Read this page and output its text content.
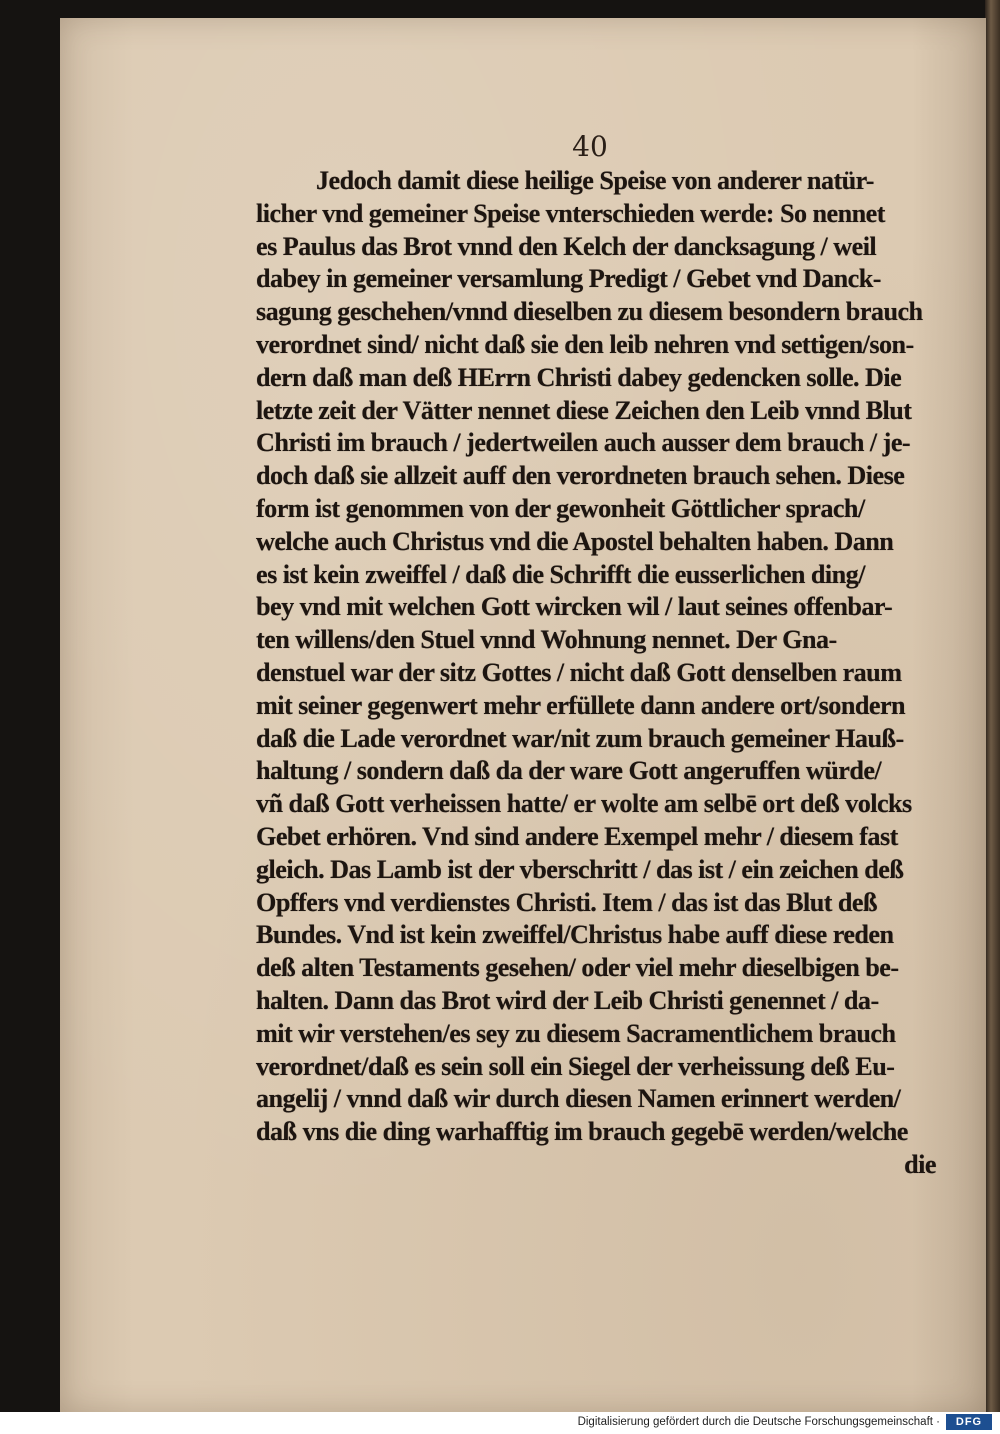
40
Jedoch damit diese heilige Speise von anderer natür-
licher vnd gemeiner Speise vnterschieden werde: So nennet
es Paulus das Brot vnnd den Kelch der dancksagung / weil
dabey in gemeiner versamlung Predigt / Gebet vnd Danck-
sagung geschehen/vnnd dieselben zu diesem besondern brauch
verordnet sind/ nicht daß sie den leib nehren vnd settigen/son-
dern daß man deß HErrn Christi dabey gedencken solle. Die
letzte zeit der Vätter nennet diese Zeichen den Leib vnnd Blut
Christi im brauch / jedertweilen auch ausser dem brauch / je-
doch daß sie allzeit auff den verordneten brauch sehen. Diese
form ist genommen von der gewonheit Göttlicher sprach/
welche auch Christus vnd die Apostel behalten haben. Dann
es ist kein zweiffel / daß die Schrifft die eusserlichen ding/
bey vnd mit welchen Gott wircken wil / laut seines offenbar-
ten willens/den Stuel vnnd Wohnung nennet. Der Gna-
denstuel war der sitz Gottes / nicht daß Gott denselben raum
mit seiner gegenwert mehr erfüllete dann andere ort/sondern
daß die Lade verordnet war/nit zum brauch gemeiner Hauß-
haltung / sondern daß da der ware Gott angeruffen würde/
vñ daß Gott verheissen hatte/ er wolte am selbē ort deß volcks
Gebet erhören. Vnd sind andere Exempel mehr / diesem fast
gleich. Das Lamb ist der vberschritt / das ist / ein zeichen deß
Opffers vnd verdienstes Christi. Item / das ist das Blut deß
Bundes. Vnd ist kein zweiffel/Christus habe auff diese reden
deß alten Testaments gesehen/ oder viel mehr dieselbigen be-
halten. Dann das Brot wird der Leib Christi genennet / da-
mit wir verstehen/es sey zu diesem Sacramentlichem brauch
verordnet/daß es sein soll ein Siegel der verheissung deß Eu-
angelij / vnnd daß wir durch diesen Namen erinnert werden/
daß vns die ding warhafftig im brauch gegebē werden/welche
die
Digitalisierung gefördert durch die Deutsche Forschungsgemeinschaft ·	DFG
